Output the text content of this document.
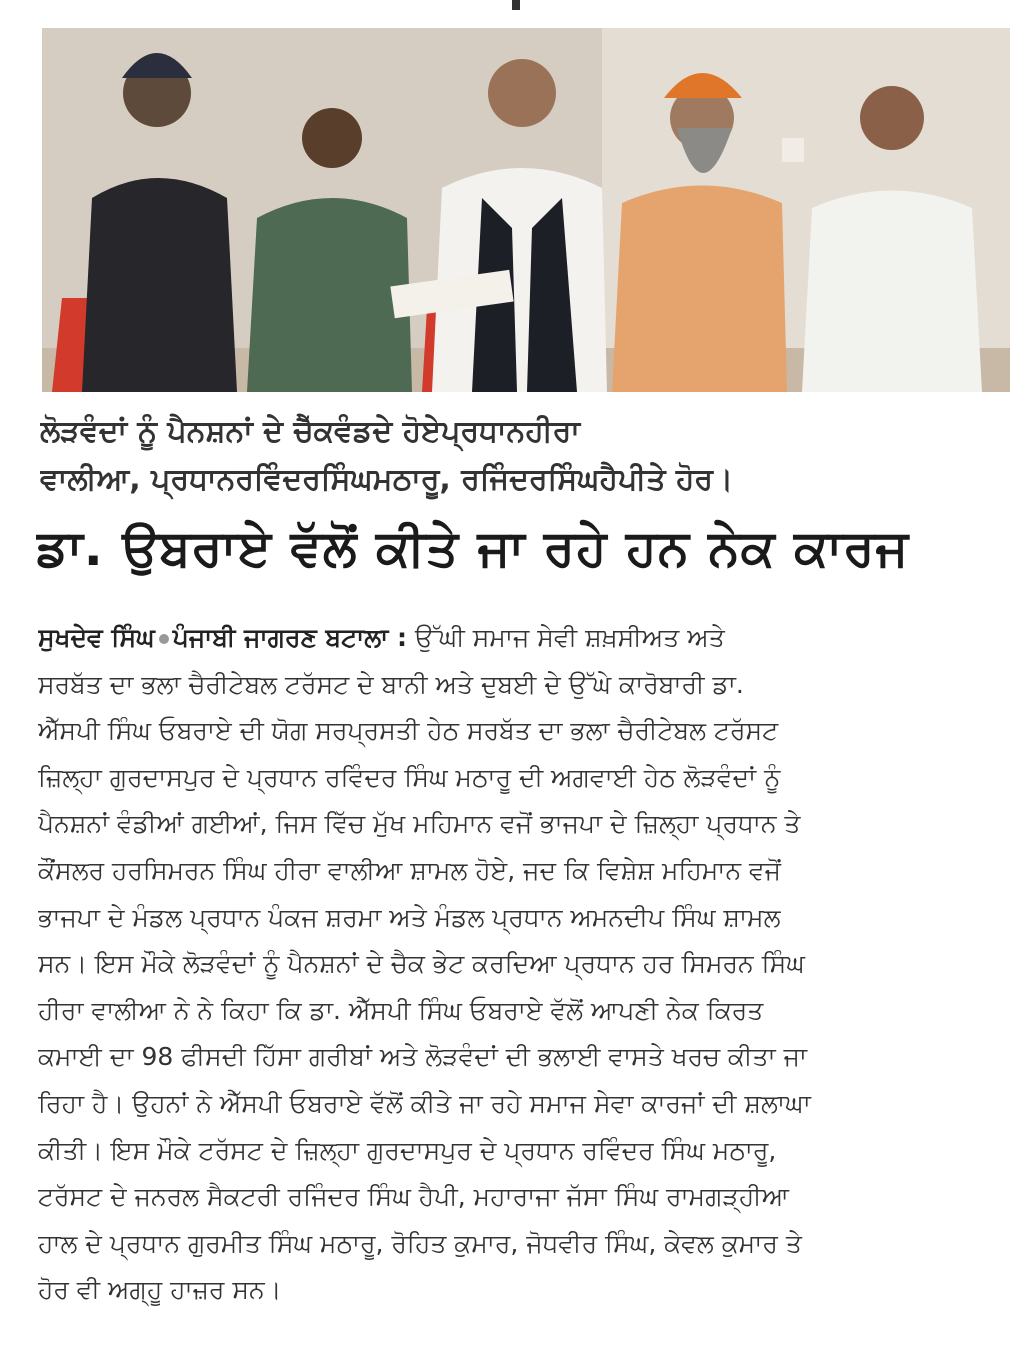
ਲੋੜਵੰਦਾਂ ਨੂੰ ਪੈਨਸ਼ਨਾਂ ਦੇ ਚੈੱਕਵੰਡਦੇ ਹੋਏਪ੍ਰਧਾਨਹੀਰਾ
ਵਾਲੀਆ, ਪ੍ਰਧਾਨਰਵਿੰਦਰਸਿੰਘਮਠਾਰੂ, ਰਜਿੰਦਰਸਿੰਘਹੈਪੀਤੇ ਹੋਰ।
ਡਾ. ਉਬਰਾਏ ਵੱਲੋਂ ਕੀਤੇ ਜਾ ਰਹੇ ਹਨ ਨੇਕ ਕਾਰਜ
ਸੁਖਦੇਵ ਸਿੰਘ ਪੰਜਾਬੀ ਜਾਗਰਣ ਬਟਾਲਾ : ਉੱਘੀ ਸਮਾਜ ਸੇਵੀ ਸ਼ਖ਼ਸੀਅਤ ਅਤੇ
ਸਰਬੱਤ ਦਾ ਭਲਾ ਚੈਰੀਟੇਬਲ ਟਰੱਸਟ ਦੇ ਬਾਨੀ ਅਤੇ ਦੁਬਈ ਦੇ ਉੱਘੇ ਕਾਰੋਬਾਰੀ ਡਾ.
ਐੱਸਪੀ ਸਿੰਘ ਓਬਰਾਏ ਦੀ ਯੋਗ ਸਰਪ੍ਰਸਤੀ ਹੇਠ ਸਰਬੱਤ ਦਾ ਭਲਾ ਚੈਰੀਟੇਬਲ ਟਰੱਸਟ
ਜ਼ਿਲ੍ਹਾ ਗੁਰਦਾਸਪੁਰ ਦੇ ਪ੍ਰਧਾਨ ਰਵਿੰਦਰ ਸਿੰਘ ਮਠਾਰੂ ਦੀ ਅਗਵਾਈ ਹੇਠ ਲੋੜਵੰਦਾਂ ਨੂੰ
ਪੈਨਸ਼ਨਾਂ ਵੰਡੀਆਂ ਗਈਆਂ, ਜਿਸ ਵਿੱਚ ਮੁੱਖ ਮਹਿਮਾਨ ਵਜੋਂ ਭਾਜਪਾ ਦੇ ਜ਼ਿਲ੍ਹਾ ਪ੍ਰਧਾਨ ਤੇ
ਕੌਂਸਲਰ ਹਰਸਿਮਰਨ ਸਿੰਘ ਹੀਰਾ ਵਾਲੀਆ ਸ਼ਾਮਲ ਹੋਏ, ਜਦ ਕਿ ਵਿਸ਼ੇਸ਼ ਮਹਿਮਾਨ ਵਜੋਂ
ਭਾਜਪਾ ਦੇ ਮੰਡਲ ਪ੍ਰਧਾਨ ਪੰਕਜ ਸ਼ਰਮਾ ਅਤੇ ਮੰਡਲ ਪ੍ਰਧਾਨ ਅਮਨਦੀਪ ਸਿੰਘ ਸ਼ਾਮਲ
ਸਨ। ਇਸ ਮੌਕੇ ਲੋੜਵੰਦਾਂ ਨੂੰ ਪੈਨਸ਼ਨਾਂ ਦੇ ਚੈਕ ਭੇਟ ਕਰਦਿਆ ਪ੍ਰਧਾਨ ਹਰ ਸਿਮਰਨ ਸਿੰਘ
ਹੀਰਾ ਵਾਲੀਆ ਨੇ ਨੇ ਕਿਹਾ ਕਿ ਡਾ. ਐੱਸਪੀ ਸਿੰਘ ਓਬਰਾਏ ਵੱਲੋਂ ਆਪਣੀ ਨੇਕ ਕਿਰਤ
ਕਮਾਈ ਦਾ 98 ਫੀਸਦੀ ਹਿੱਸਾ ਗਰੀਬਾਂ ਅਤੇ ਲੋੜਵੰਦਾਂ ਦੀ ਭਲਾਈ ਵਾਸਤੇ ਖਰਚ ਕੀਤਾ ਜਾ
ਰਿਹਾ ਹੈ। ਉਹਨਾਂ ਨੇ ਐੱਸਪੀ ਓਬਰਾਏ ਵੱਲੋਂ ਕੀਤੇ ਜਾ ਰਹੇ ਸਮਾਜ ਸੇਵਾ ਕਾਰਜਾਂ ਦੀ ਸ਼ਲਾਘਾ
ਕੀਤੀ। ਇਸ ਮੌਕੇ ਟਰੱਸਟ ਦੇ ਜ਼ਿਲ੍ਹਾ ਗੁਰਦਾਸਪੁਰ ਦੇ ਪ੍ਰਧਾਨ ਰਵਿੰਦਰ ਸਿੰਘ ਮਠਾਰੂ,
ਟਰੱਸਟ ਦੇ ਜਨਰਲ ਸੈਕਟਰੀ ਰਜਿੰਦਰ ਸਿੰਘ ਹੈਪੀ, ਮਹਾਰਾਜਾ ਜੱਸਾ ਸਿੰਘ ਰਾਮਗੜ੍ਹੀਆ
ਹਾਲ ਦੇ ਪ੍ਰਧਾਨ ਗੁਰਮੀਤ ਸਿੰਘ ਮਠਾਰੂ, ਰੋਹਿਤ ਕੁਮਾਰ, ਜੋਧਵੀਰ ਸਿੰਘ, ਕੇਵਲ ਕੁਮਾਰ ਤੇ
ਹੋਰ ਵੀ ਅਗ੍ਹੂ ਹਾਜ਼ਰ ਸਨ।
